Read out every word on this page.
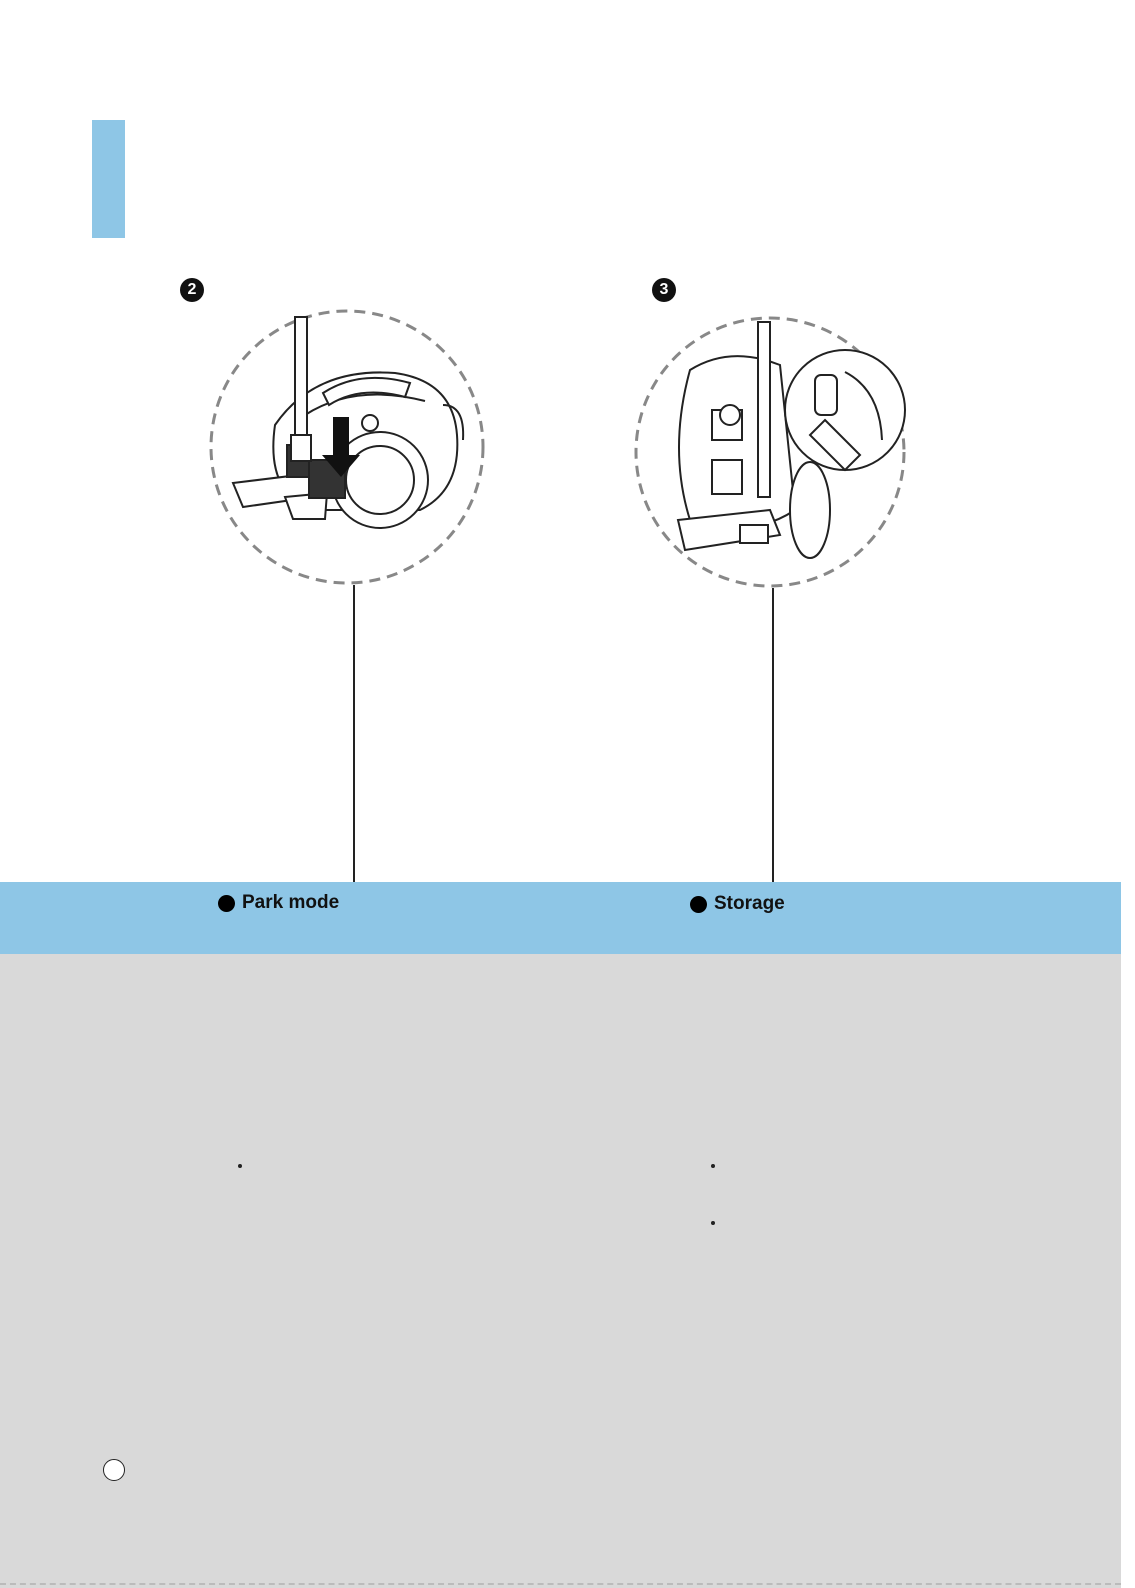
2	3
Park mode	Storage
